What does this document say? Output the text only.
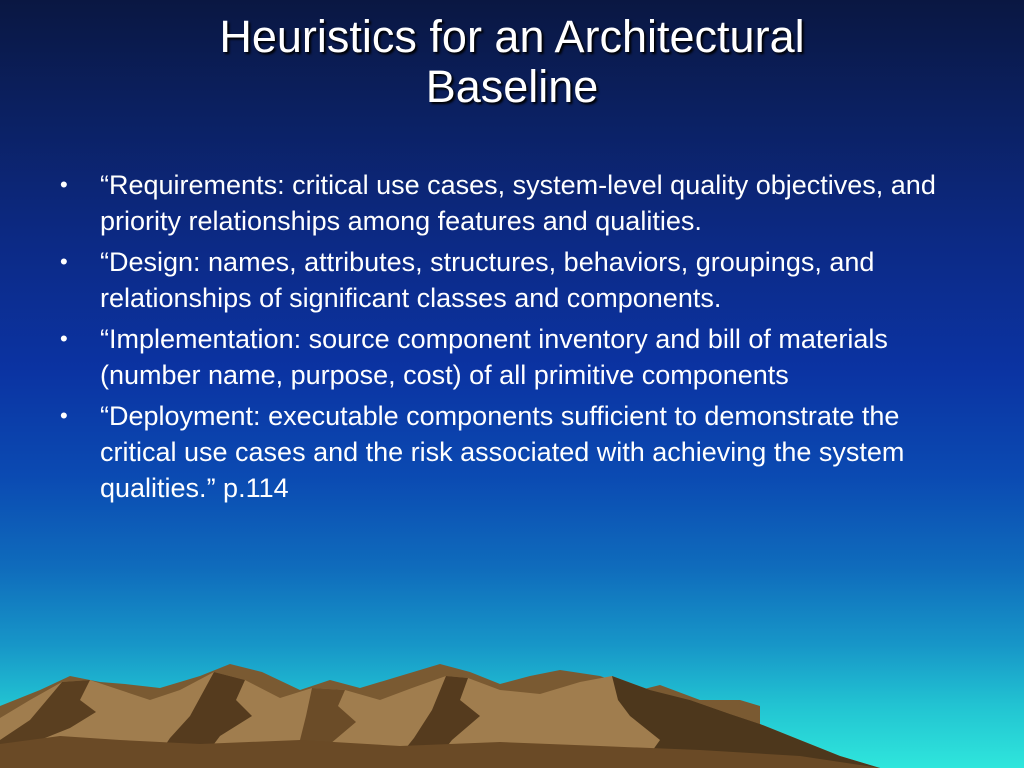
Heuristics for an Architectural
Baseline
• “Requirements: critical use cases, system-level quality objectives, and priority relationships among features and qualities.
• “Design: names, attributes, structures, behaviors, groupings, and relationships of significant classes and components.
• “Implementation: source component inventory and bill of materials (number name, purpose, cost) of all primitive components
• “Deployment: executable components sufficient to demonstrate the critical use cases and the risk associated with achieving the system qualities.” p.114
